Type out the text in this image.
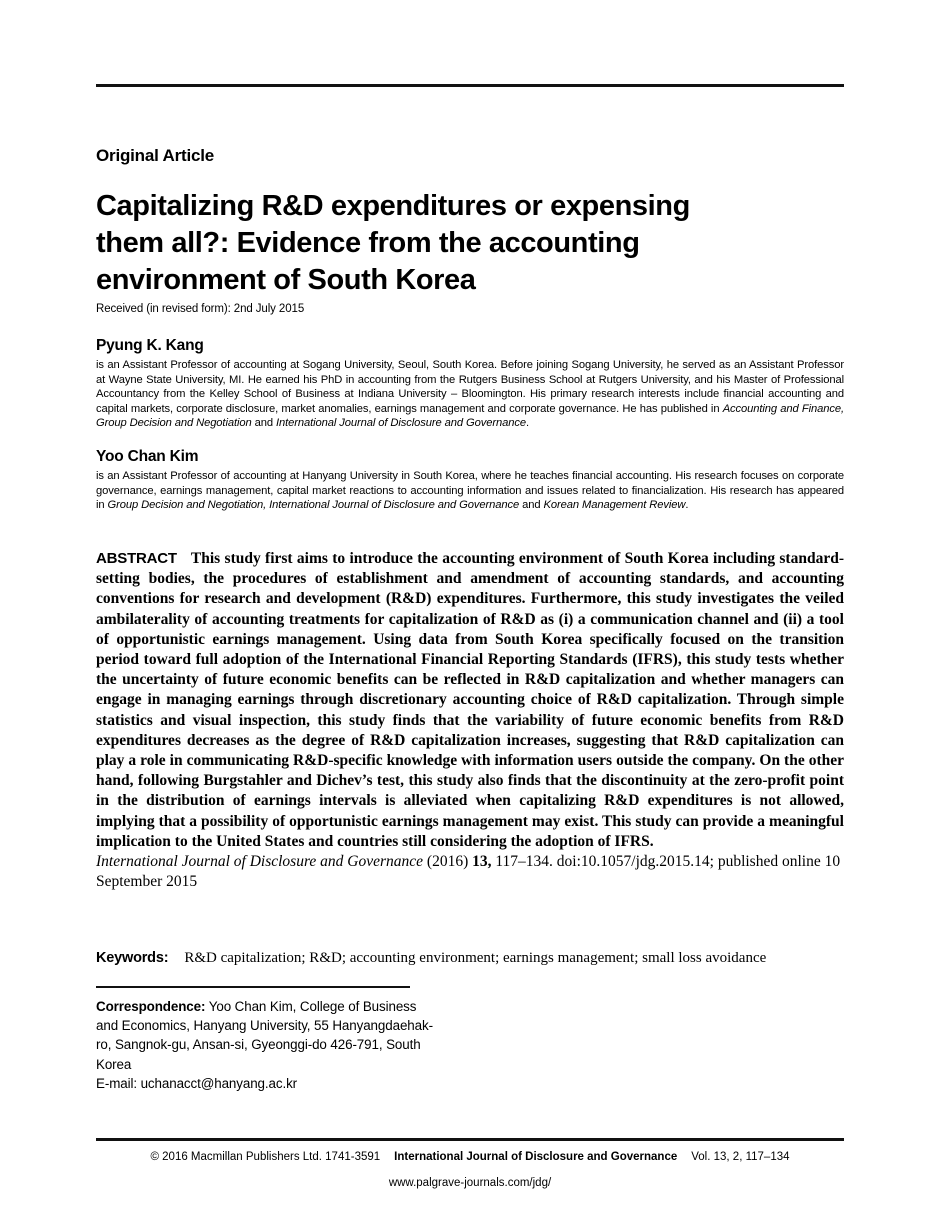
Original Article
Capitalizing R&D expenditures or expensing
them all?: Evidence from the accounting
environment of South Korea
Received (in revised form): 2nd July 2015
Pyung K. Kang
is an Assistant Professor of accounting at Sogang University, Seoul, South Korea. Before joining Sogang University, he served as an Assistant Professor at Wayne State University, MI. He earned his PhD in accounting from the Rutgers Business School at Rutgers University, and his Master of Professional Accountancy from the Kelley School of Business at Indiana University – Bloomington. His primary research interests include financial accounting and capital markets, corporate disclosure, market anomalies, earnings management and corporate governance. He has published in Accounting and Finance, Group Decision and Negotiation and International Journal of Disclosure and Governance.
Yoo Chan Kim
is an Assistant Professor of accounting at Hanyang University in South Korea, where he teaches financial accounting. His research focuses on corporate governance, earnings management, capital market reactions to accounting information and issues related to financialization. His research has appeared in Group Decision and Negotiation, International Journal of Disclosure and Governance and Korean Management Review.

ABSTRACT This study first aims to introduce the accounting environment of South Korea including standard-setting bodies, the procedures of establishment and amendment of accounting standards, and accounting conventions for research and development (R&D) expenditures. Furthermore, this study investigates the veiled ambilaterality of accounting treatments for capitalization of R&D as (i) a communication channel and (ii) a tool of opportunistic earnings management. Using data from South Korea specifically focused on the transition period toward full adoption of the International Financial Reporting Standards (IFRS), this study tests whether the uncertainty of future economic benefits can be reflected in R&D capitalization and whether managers can engage in managing earnings through discretionary accounting choice of R&D capitalization. Through simple statistics and visual inspection, this study finds that the variability of future economic benefits from R&D expenditures decreases as the degree of R&D capitalization increases, suggesting that R&D capitalization can play a role in communicating R&D-specific knowledge with information users outside the company. On the other hand, following Burgstahler and Dichev’s test, this study also finds that the discontinuity at the zero-profit point in the distribution of earnings intervals is alleviated when capitalizing R&D expenditures is not allowed, implying that a possibility of opportunistic earnings management may exist. This study can provide a meaningful implication to the United States and countries still considering the adoption of IFRS.

International Journal of Disclosure and Governance (2016) 13, 117–134. doi:10.1057/jdg.2015.14; published online 10 September 2015

Keywords: R&D capitalization; R&D; accounting environment; earnings management; small loss avoidance
Correspondence: Yoo Chan Kim, College of Business and Economics, Hanyang University, 55 Hanyangdaehak-ro, Sangnok-gu, Ansan-si, Gyeonggi-do 426-791, South Korea
E-mail: uchanacct@hanyang.ac.kr
© 2016 Macmillan Publishers Ltd. 1741-3591 International Journal of Disclosure and Governance Vol. 13, 2, 117–134
www.palgrave-journals.com/jdg/
